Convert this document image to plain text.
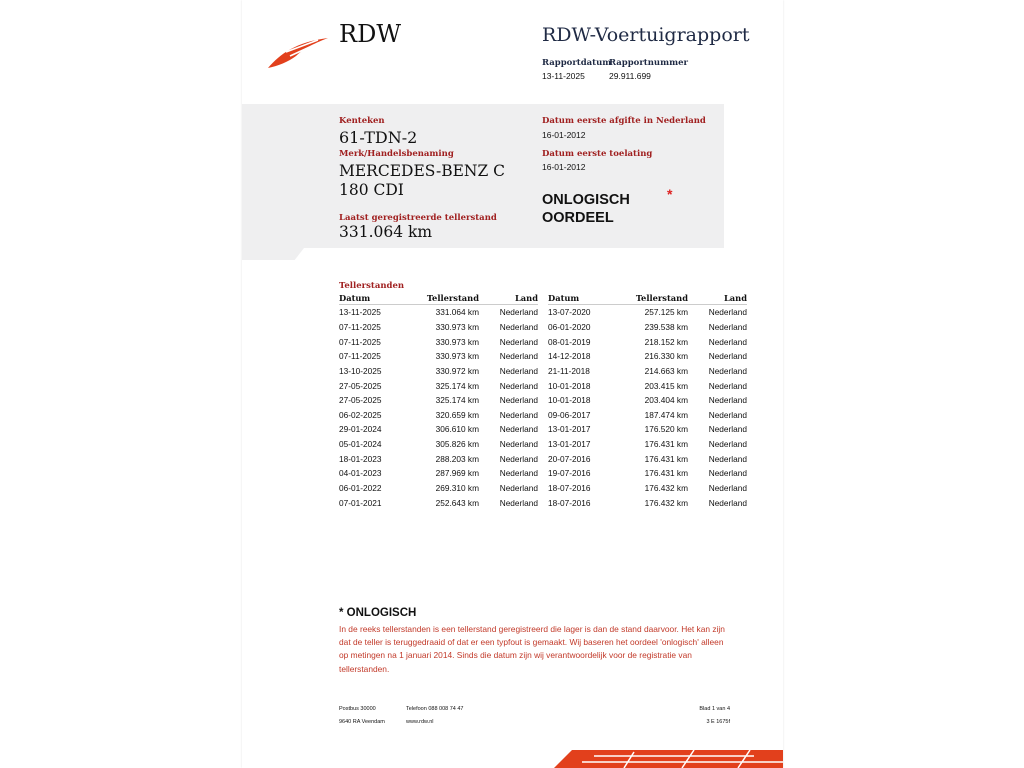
RDW	RDW-Voertuigrapport
Rapportdatum
13-11-2025
Rapportnummer
29.911.699
Kenteken
61-TDN-2
Merk/Handelsbenaming
MERCEDES-BENZ C
180 CDI
Laatst geregistreerde tellerstand
331.064 km
Datum eerste afgifte in Nederland
16-01-2012
Datum eerste toelating
16-01-2012
ONLOGISCH OORDEEL
*
Tellerstanden
Datum	Tellerstand	Land
13-11-2025	331.064 km	Nederland
07-11-2025	330.973 km	Nederland
07-11-2025	330.973 km	Nederland
07-11-2025	330.973 km	Nederland
13-10-2025	330.972 km	Nederland
27-05-2025	325.174 km	Nederland
27-05-2025	325.174 km	Nederland
06-02-2025	320.659 km	Nederland
29-01-2024	306.610 km	Nederland
05-01-2024	305.826 km	Nederland
18-01-2023	288.203 km	Nederland
04-01-2023	287.969 km	Nederland
06-01-2022	269.310 km	Nederland
07-01-2021	252.643 km	Nederland
Datum	Tellerstand	Land
13-07-2020	257.125 km	Nederland
06-01-2020	239.538 km	Nederland
08-01-2019	218.152 km	Nederland
14-12-2018	216.330 km	Nederland
21-11-2018	214.663 km	Nederland
10-01-2018	203.415 km	Nederland
10-01-2018	203.404 km	Nederland
09-06-2017	187.474 km	Nederland
13-01-2017	176.520 km	Nederland
13-01-2017	176.431 km	Nederland
20-07-2016	176.431 km	Nederland
19-07-2016	176.431 km	Nederland
18-07-2016	176.432 km	Nederland
18-07-2016	176.432 km	Nederland
* ONLOGISCH
In de reeks tellerstanden is een tellerstand geregistreerd die lager is dan de stand daarvoor. Het kan zijn dat de teller is teruggedraaid of dat er een typfout is gemaakt. Wij baseren het oordeel 'onlogisch' alleen op metingen na 1 januari 2014. Sinds die datum zijn wij verantwoordelijk voor de registratie van tellerstanden.
Postbus 30000
9640 RA Veendam
Telefoon 088 008 74 47
www.rdw.nl
Blad 1 van 4
3 E 1675f
